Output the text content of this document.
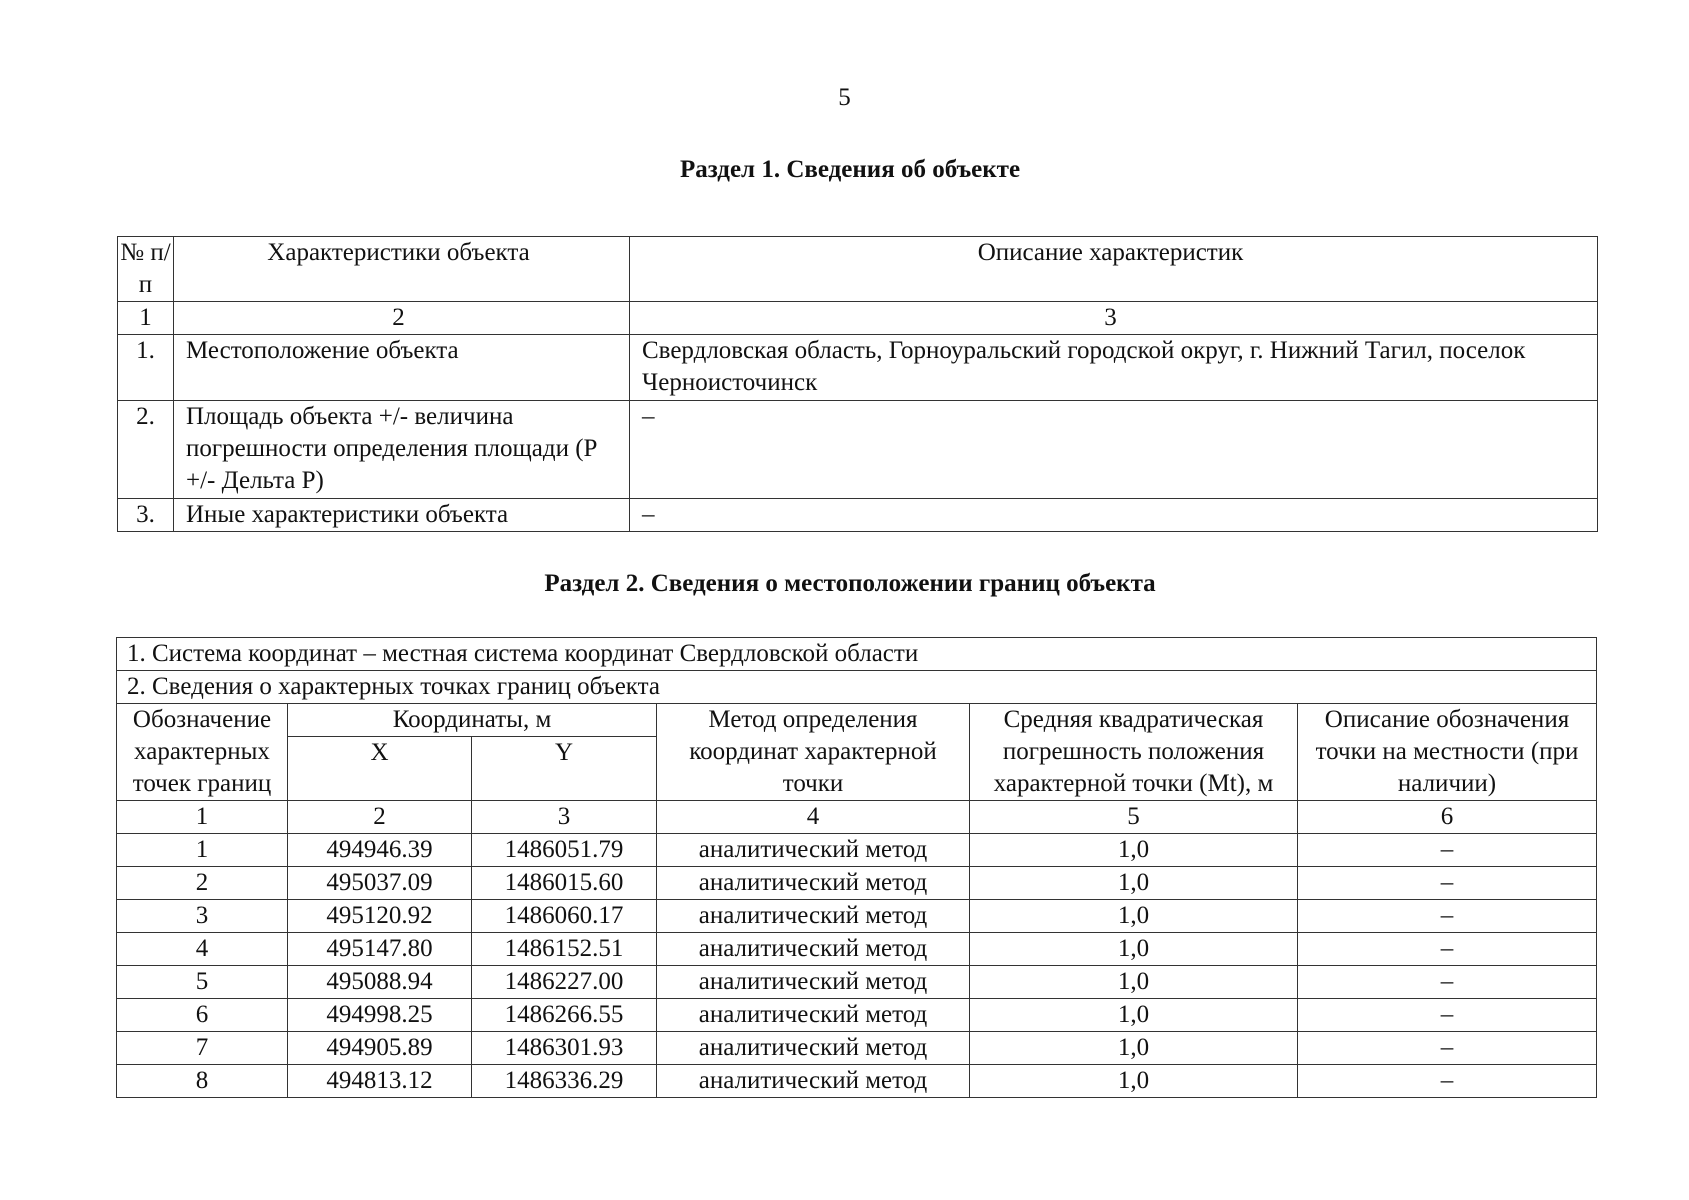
5
Раздел 1. Сведения об объекте
№ п/п	Характеристики объекта	Описание характеристик
1	2	3
1.	Местоположение объекта	Свердловская область, Горноуральский городской округ, г. Нижний Тагил, поселок Черноисточинск
2.	Площадь объекта +/- величина погрешности определения площади (Р +/- Дельта Р)	–
3.	Иные характеристики объекта	–
Раздел 2. Сведения о местоположении границ объекта
1. Система координат – местная система координат Свердловской области					
2. Сведения о характерных точках границ объекта					
Обозначение характерных точек границ	Координаты, м		Метод определения координат характерной точки	Средняя квадратическая погрешность положения характерной точки (Mt), м	Описание обозначения точки на местности (при наличии)
	X	Y			
1	2	3	4	5	6
1	494946.39	1486051.79	аналитический метод	1,0	–
2	495037.09	1486015.60	аналитический метод	1,0	–
3	495120.92	1486060.17	аналитический метод	1,0	–
4	495147.80	1486152.51	аналитический метод	1,0	–
5	495088.94	1486227.00	аналитический метод	1,0	–
6	494998.25	1486266.55	аналитический метод	1,0	–
7	494905.89	1486301.93	аналитический метод	1,0	–
8	494813.12	1486336.29	аналитический метод	1,0	–
